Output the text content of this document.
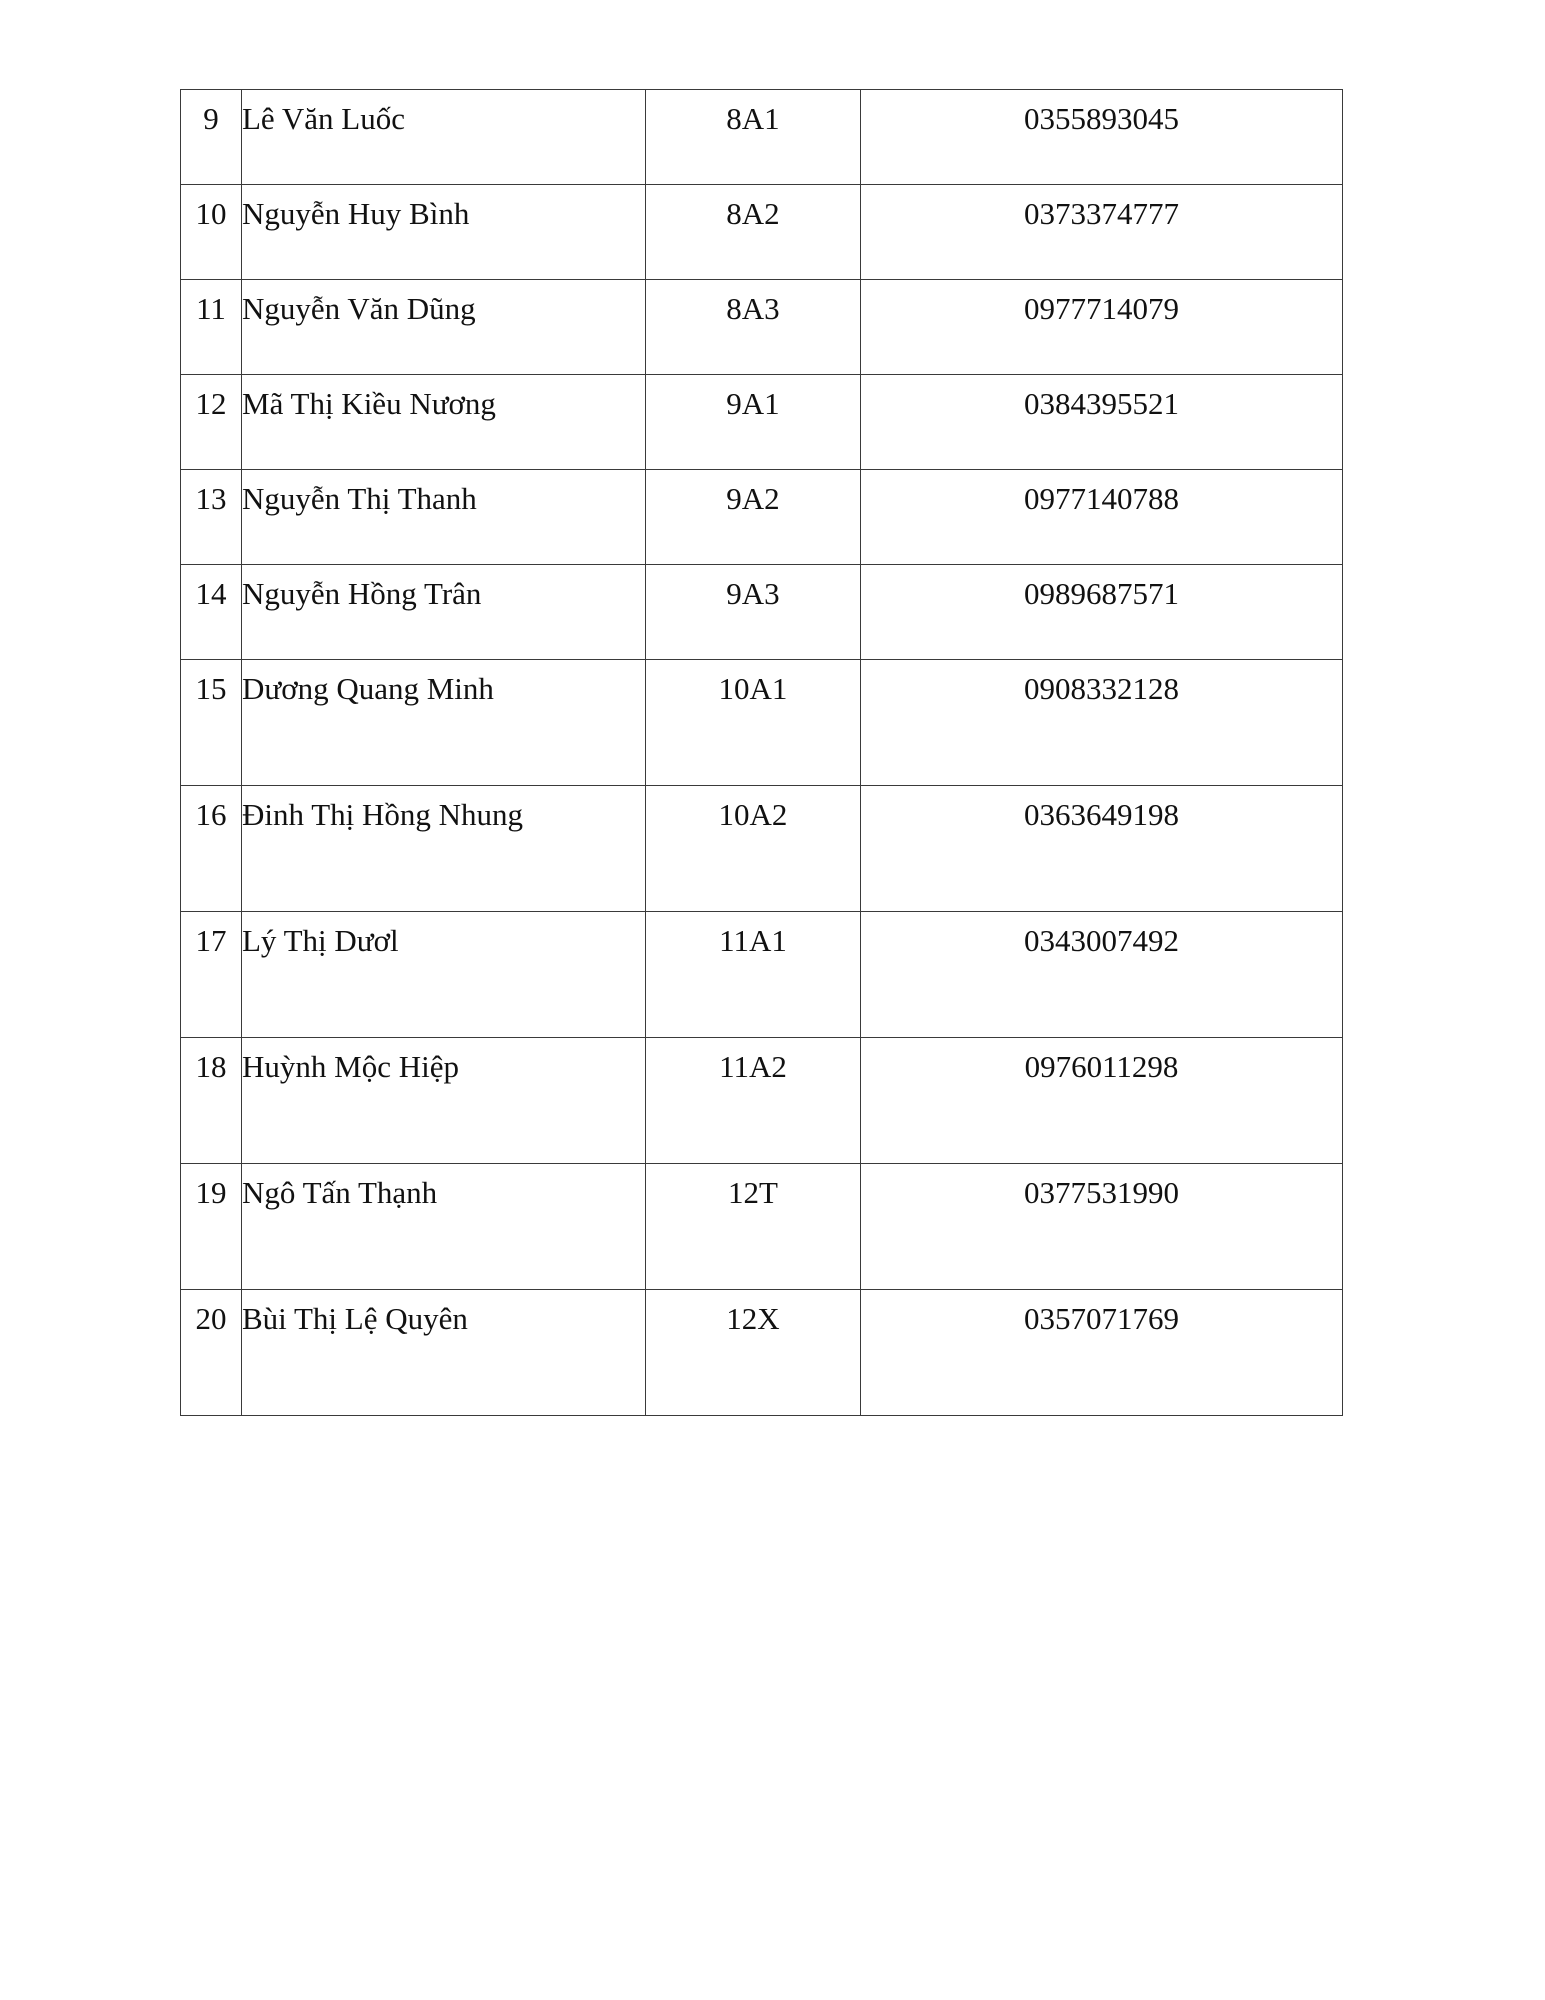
9	Lê Văn Luốc	8A1	0355893045
10	Nguyễn Huy Bình	8A2	0373374777
11	Nguyễn Văn Dũng	8A3	0977714079
12	Mã Thị Kiều Nương	9A1	0384395521
13	Nguyễn Thị Thanh	9A2	0977140788
14	Nguyễn Hồng Trân	9A3	0989687571
15	Dương Quang Minh	10A1	0908332128
16	Đinh Thị Hồng Nhung	10A2	0363649198
17	Lý Thị Dươl	11A1	0343007492
18	Huỳnh Mộc Hiệp	11A2	0976011298
19	Ngô Tấn Thạnh	12T	0377531990
20	Bùi Thị Lệ Quyên	12X	0357071769
